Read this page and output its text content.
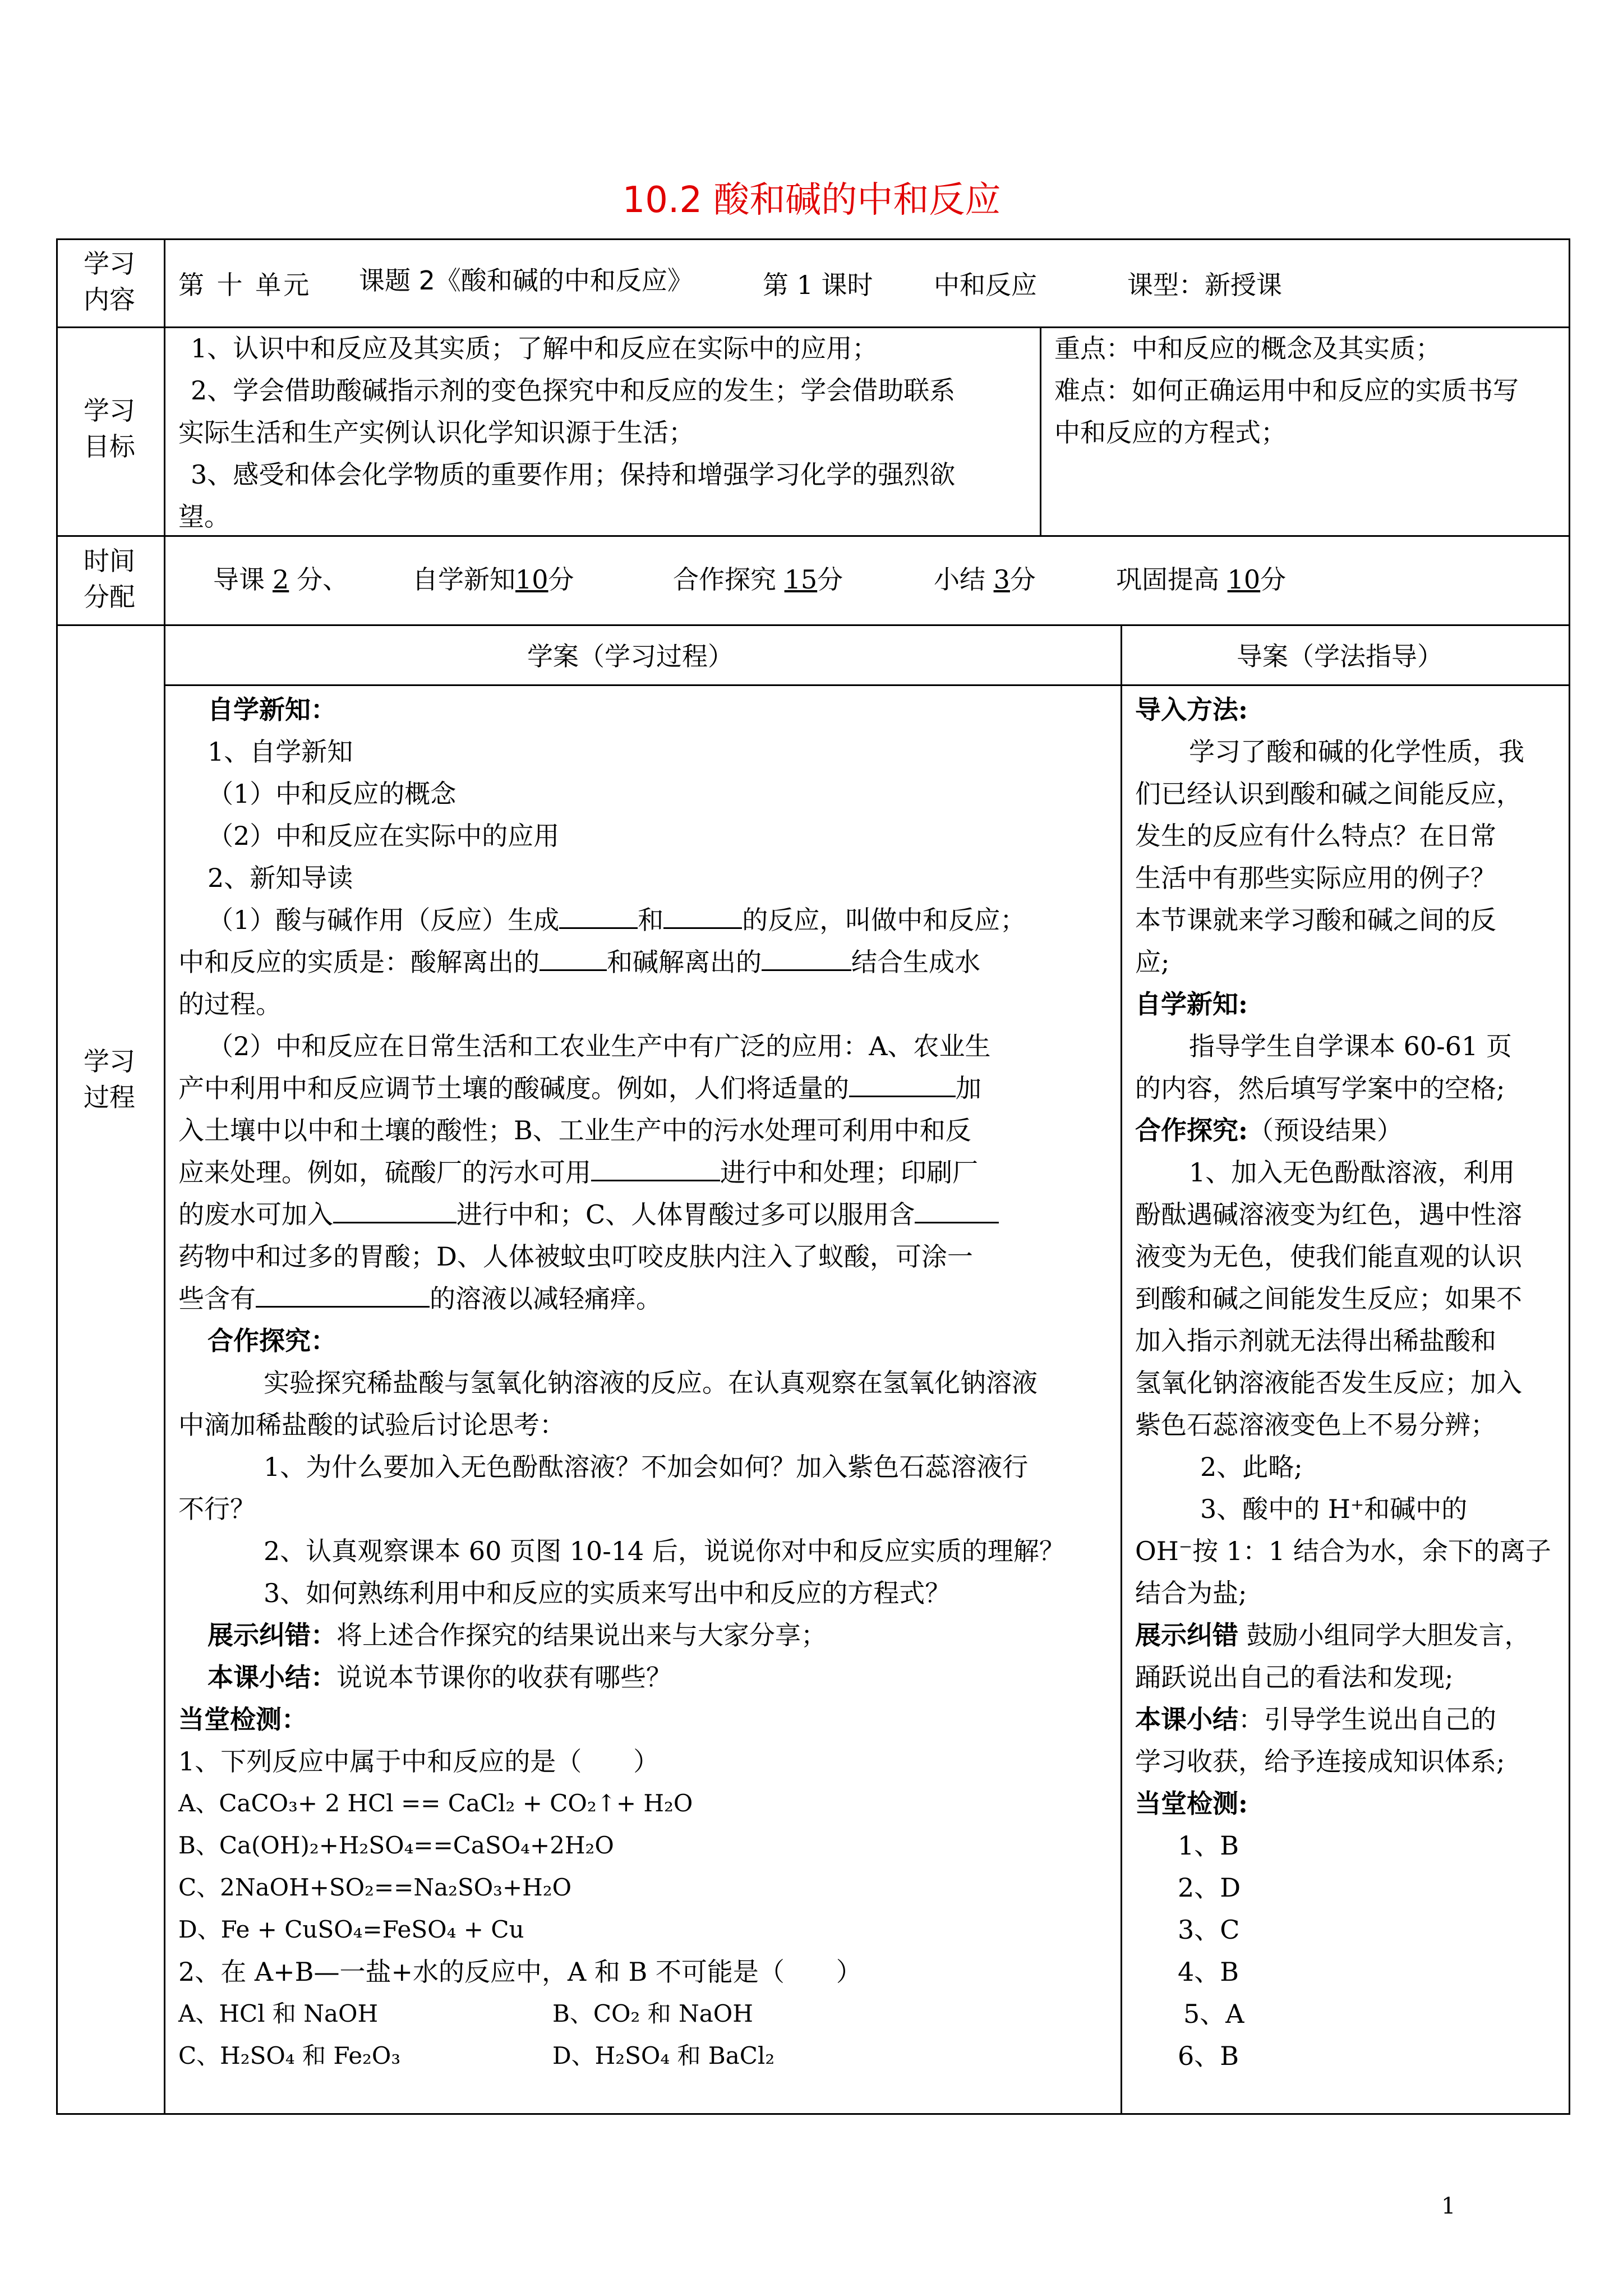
10.2 酸和碱的中和反应
学习
内容	第 十 单元 课题 2《酸和碱的中和反应》	第 1 课时 中和反应	课型：新授课
学习
目标
1、认识中和反应及其实质；了解中和反应在实际中的应用；
2、学会借助酸碱指示剂的变色探究中和反应的发生；学会借助联系
实际生活和生产实例认识化学知识源于生活；
3、感受和体会化学物质的重要作用；保持和增强学习化学的强烈欲
望。
重点：中和反应的概念及其实质；
难点：如何正确运用中和反应的实质书写
中和反应的方程式；
时间
分配
导课 2 分、 自学新知10分	合作探究 15分	小结 3分	巩固提高 10分
学习
过程
学案（学习过程）	导案（学法指导）
自学新知：
1、自学新知
（1）中和反应的概念
（2）中和反应在实际中的应用
2、新知导读
（1）酸与碱作用（反应）生成	和	的反应，叫做中和反应；
中和反应的实质是：酸解离出的	和碱解离出的	结合生成水
的过程。
（2）中和反应在日常生活和工农业生产中有广泛的应用：A、农业生
产中利用中和反应调节土壤的酸碱度。例如，人们将适量的	加
入土壤中以中和土壤的酸性；B、工业生产中的污水处理可利用中和反
应来处理。例如，硫酸厂的污水可用	进行中和处理；印刷厂
的废水可加入	进行中和；C、人体胃酸过多可以服用含
药物中和过多的胃酸；D、人体被蚊虫叮咬皮肤内注入了蚁酸，可涂一
些含有	的溶液以减轻痛痒。
合作探究：
实验探究稀盐酸与氢氧化钠溶液的反应。在认真观察在氢氧化钠溶液
中滴加稀盐酸的试验后讨论思考：
1、为什么要加入无色酚酞溶液？不加会如何？加入紫色石蕊溶液行
不行？
2、认真观察课本 60 页图 10-14 后，说说你对中和反应实质的理解？
3、如何熟练利用中和反应的实质来写出中和反应的方程式？
展示纠错：将上述合作探究的结果说出来与大家分享；
本课小结：说说本节课你的收获有哪些？
当堂检测：
1、下列反应中属于中和反应的是（　　）
A、CaCO₃+ 2 HCl == CaCl₂ + CO₂↑+ H₂O
B、Ca(OH)₂+H₂SO₄==CaSO₄+2H₂O
C、2NaOH+SO₂==Na₂SO₃+H₂O
D、Fe + CuSO₄=FeSO₄ + Cu
2、在 A+B—一盐+水的反应中，A 和 B 不可能是（　　）
A、HCl 和 NaOH	B、CO₂ 和 NaOH
C、H₂SO₄ 和 Fe₂O₃	D、H₂SO₄ 和 BaCl₂
导入方法:
学习了酸和碱的化学性质，我
们已经认识到酸和碱之间能反应，
发生的反应有什么特点？在日常
生活中有那些实际应用的例子？
本节课就来学习酸和碱之间的反
应;
自学新知:
指导学生自学课本 60-61 页
的内容，然后填写学案中的空格;
合作探究:（预设结果）
1、加入无色酚酞溶液，利用
酚酞遇碱溶液变为红色，遇中性溶
液变为无色，使我们能直观的认识
到酸和碱之间能发生反应；如果不
加入指示剂就无法得出稀盐酸和
氢氧化钠溶液能否发生反应；加入
紫色石蕊溶液变色上不易分辨；
2、此略;
3、酸中的 H⁺和碱中的
OH⁻按 1：1 结合为水，余下的离子
结合为盐;
展示纠错 鼓励小组同学大胆发言，
踊跃说出自己的看法和发现;
本课小结：引导学生说出自己的
学习收获，给予连接成知识体系;
当堂检测:
1、B
2、D
3、C
4、B
5、A
6、B
1
